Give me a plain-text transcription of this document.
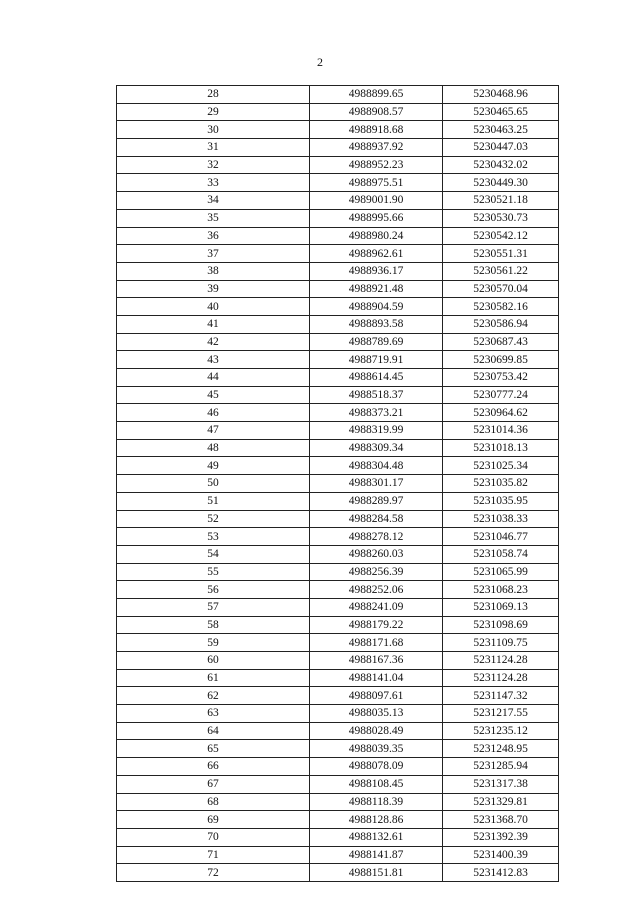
2
28	4988899.65	5230468.96
29	4988908.57	5230465.65
30	4988918.68	5230463.25
31	4988937.92	5230447.03
32	4988952.23	5230432.02
33	4988975.51	5230449.30
34	4989001.90	5230521.18
35	4988995.66	5230530.73
36	4988980.24	5230542.12
37	4988962.61	5230551.31
38	4988936.17	5230561.22
39	4988921.48	5230570.04
40	4988904.59	5230582.16
41	4988893.58	5230586.94
42	4988789.69	5230687.43
43	4988719.91	5230699.85
44	4988614.45	5230753.42
45	4988518.37	5230777.24
46	4988373.21	5230964.62
47	4988319.99	5231014.36
48	4988309.34	5231018.13
49	4988304.48	5231025.34
50	4988301.17	5231035.82
51	4988289.97	5231035.95
52	4988284.58	5231038.33
53	4988278.12	5231046.77
54	4988260.03	5231058.74
55	4988256.39	5231065.99
56	4988252.06	5231068.23
57	4988241.09	5231069.13
58	4988179.22	5231098.69
59	4988171.68	5231109.75
60	4988167.36	5231124.28
61	4988141.04	5231124.28
62	4988097.61	5231147.32
63	4988035.13	5231217.55
64	4988028.49	5231235.12
65	4988039.35	5231248.95
66	4988078.09	5231285.94
67	4988108.45	5231317.38
68	4988118.39	5231329.81
69	4988128.86	5231368.70
70	4988132.61	5231392.39
71	4988141.87	5231400.39
72	4988151.81	5231412.83
